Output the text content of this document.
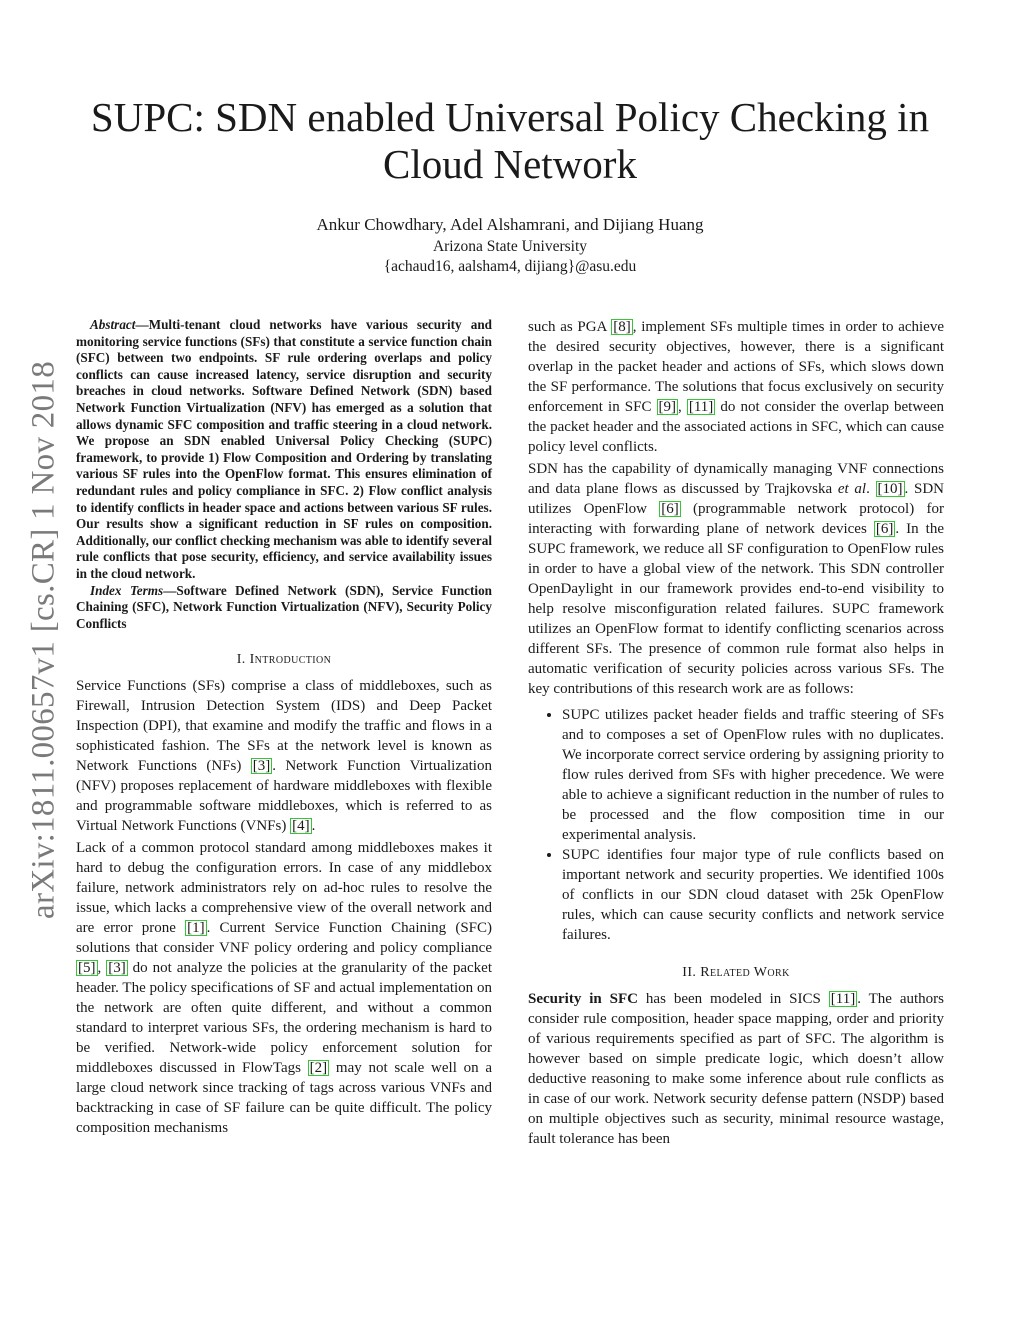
arXiv:1811.00657v1 [cs.CR] 1 Nov 2018
SUPC: SDN enabled Universal Policy Checking in Cloud Network
Ankur Chowdhary, Adel Alshamrani, and Dijiang Huang
Arizona State University
{achaud16, aalsham4, dijiang}@asu.edu

Abstract—Multi-tenant cloud networks have various security and monitoring service functions (SFs) that constitute a service function chain (SFC) between two endpoints. SF rule ordering overlaps and policy conflicts can cause increased latency, service disruption and security breaches in cloud networks. Software Defined Network (SDN) based Network Function Virtualization (NFV) has emerged as a solution that allows dynamic SFC composition and traffic steering in a cloud network. We propose an SDN enabled Universal Policy Checking (SUPC) framework, to provide 1) Flow Composition and Ordering by translating various SF rules into the OpenFlow format. This ensures elimination of redundant rules and policy compliance in SFC. 2) Flow conflict analysis to identify conflicts in header space and actions between various SF rules. Our results show a significant reduction in SF rules on composition. Additionally, our conflict checking mechanism was able to identify several rule conflicts that pose security, efficiency, and service availability issues in the cloud network.

Index Terms—Software Defined Network (SDN), Service Function Chaining (SFC), Network Function Virtualization (NFV), Security Policy Conflicts

I. Introduction

Service Functions (SFs) comprise a class of middleboxes, such as Firewall, Intrusion Detection System (IDS) and Deep Packet Inspection (DPI), that examine and modify the traffic and flows in a sophisticated fashion. The SFs at the network level is known as Network Functions (NFs) [3] . Network Function Virtualization (NFV) proposes replacement of hardware middleboxes with flexible and programmable software middleboxes, which is referred to as Virtual Network Functions (VNFs) [4] .

Lack of a common protocol standard among middleboxes makes it hard to debug the configuration errors. In case of any middlebox failure, network administrators rely on ad-hoc rules to resolve the issue, which lacks a comprehensive view of the overall network and are error prone [1] . Current Service Function Chaining (SFC) solutions that consider VNF policy ordering and policy compliance [5] , [3] do not analyze the policies at the granularity of the packet header. The policy specifications of SF and actual implementation on the network are often quite different, and without a common standard to interpret various SFs, the ordering mechanism is hard to be verified. Network-wide policy enforcement solution for middleboxes discussed in FlowTags [2] may not scale well on a large cloud network since tracking of tags across various VNFs and backtracking in case of SF failure can be quite difficult. The policy composition mechanisms

such as PGA [8] , implement SFs multiple times in order to achieve the desired security objectives, however, there is a significant overlap in the packet header and actions of SFs, which slows down the SF performance. The solutions that focus exclusively on security enforcement in SFC [9] , [11] do not consider the overlap between the packet header and the associated actions in SFC, which can cause policy level conflicts.

SDN has the capability of dynamically managing VNF connections and data plane flows as discussed by Trajkovska et al. [10] . SDN utilizes OpenFlow [6] (programmable network protocol) for interacting with forwarding plane of network devices [6] . In the SUPC framework, we reduce all SF configuration to OpenFlow rules in order to have a global view of the network. This SDN controller OpenDaylight in our framework provides end-to-end visibility to help resolve misconfiguration related failures. SUPC framework utilizes an OpenFlow format to identify conflicting scenarios across different SFs. The presence of common rule format also helps in automatic verification of security policies across various SFs. The key contributions of this research work are as follows:

• SUPC utilizes packet header fields and traffic steering of SFs and to composes a set of OpenFlow rules with no duplicates. We incorporate correct service ordering by assigning priority to flow rules derived from SFs with higher precedence. We were able to achieve a significant reduction in the number of rules to be processed and the flow composition time in our experimental analysis.
• SUPC identifies four major type of rule conflicts based on important network and security properties. We identified 100s of conflicts in our SDN cloud dataset with 25k OpenFlow rules, which can cause security conflicts and network service failures.
II. Related Work

Security in SFC has been modeled in SICS [11] . The authors consider rule composition, header space mapping, order and priority of various requirements specified as part of SFC. The algorithm is however based on simple predicate logic, which doesn’t allow deductive reasoning to make some inference about rule conflicts as in case of our work. Network security defense pattern (NSDP) based on multiple objectives such as security, minimal resource wastage, fault tolerance has been
